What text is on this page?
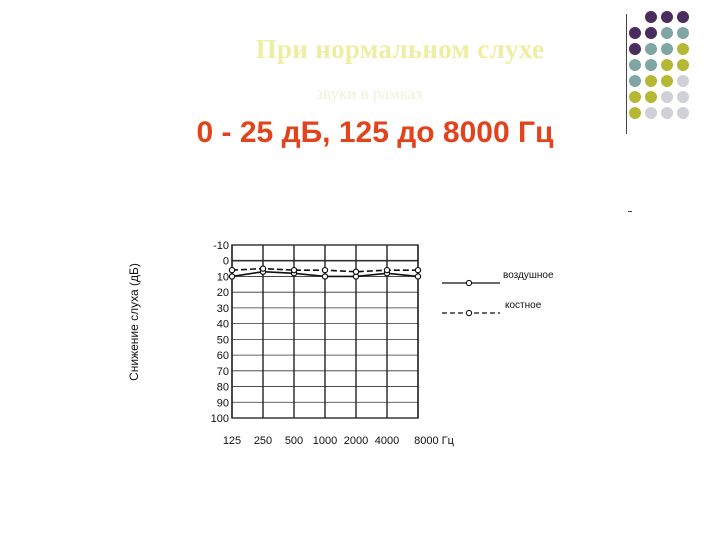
При нормальном слухе
звуки в рамках
0 - 25 дБ, 125 до 8000 Гц
-10
0
10
20
30
40
50
60
70
80
90
100
125 250 500 1000 2000 4000 8000 Гц
Снижение слуха (дБ)	воздушное
костное
